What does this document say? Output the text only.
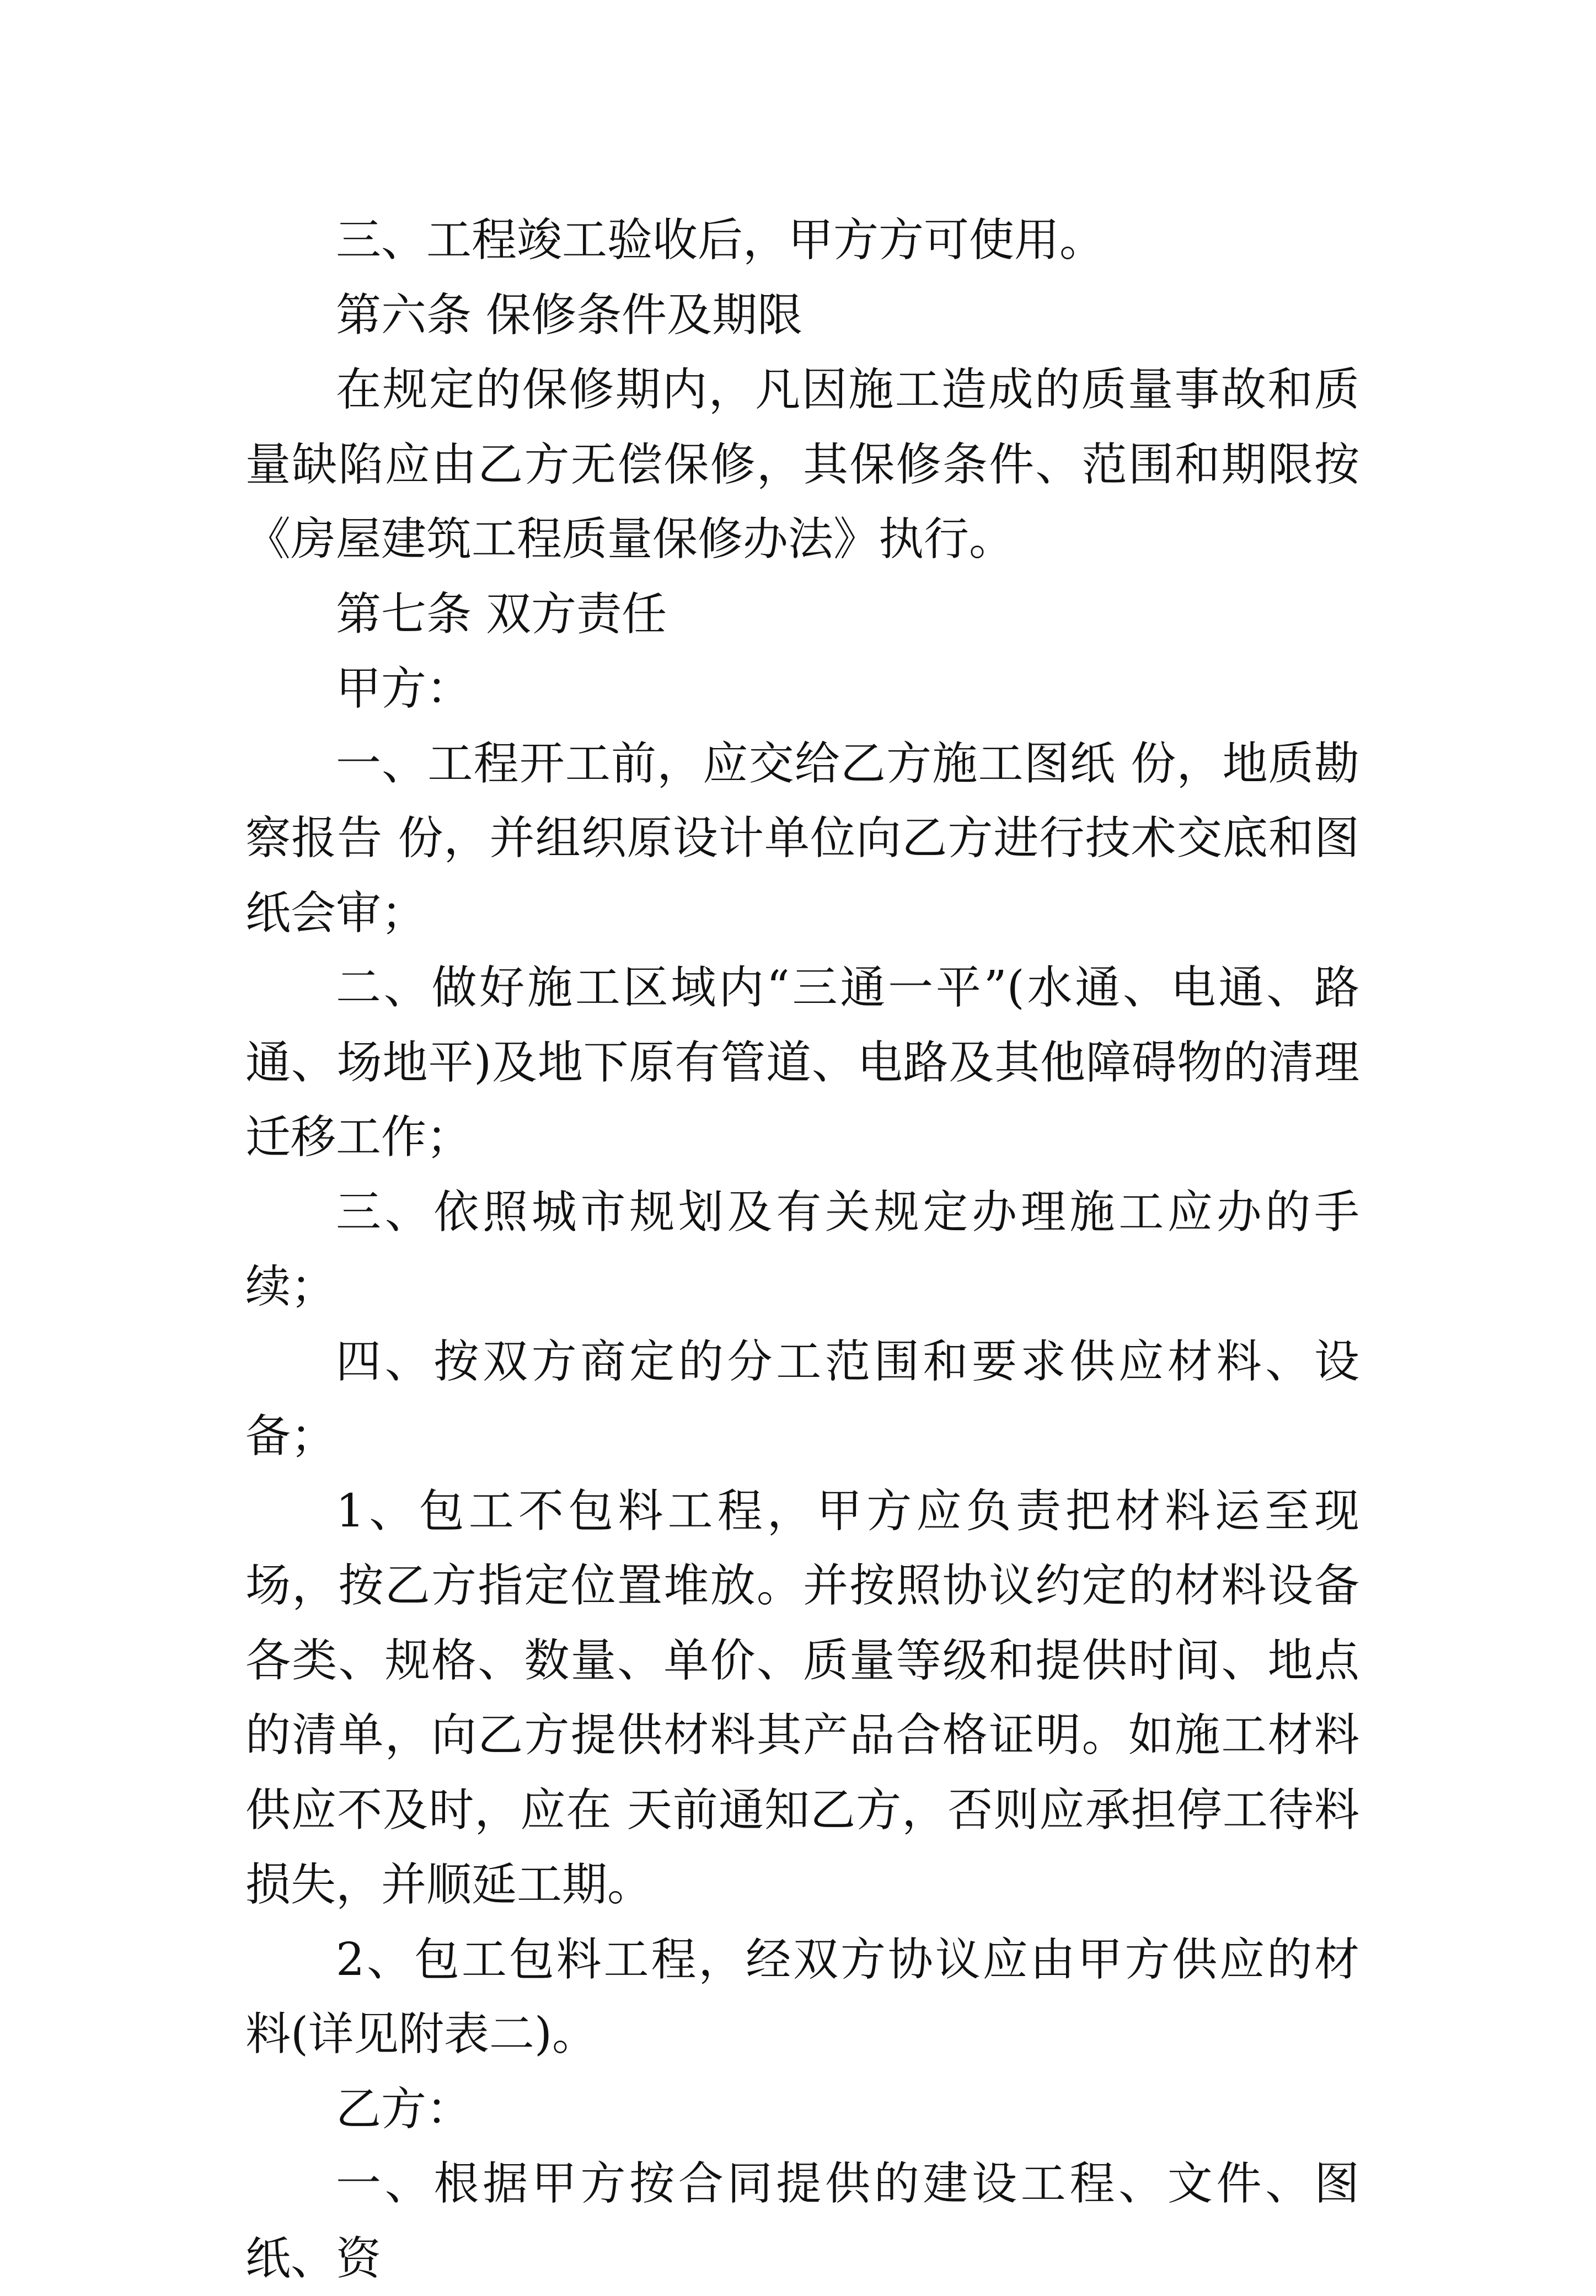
三、工程竣工验收后，甲方方可使用。

第六条 保修条件及期限

在规定的保修期内，凡因施工造成的质量事故和质量缺陷应由乙方无偿保修，其保修条件、范围和期限按《房屋建筑工程质量保修办法》执行。

第七条 双方责任

甲方：

一、工程开工前，应交给乙方施工图纸 份，地质勘察报告 份，并组织原设计单位向乙方进行技术交底和图纸会审；

二、做好施工区域内“三通一平”(水通、电通、路通、场地平)及地下原有管道、电路及其他障碍物的清理迁移工作；

三、依照城市规划及有关规定办理施工应办的手续；

四、按双方商定的分工范围和要求供应材料、设备；

1、包工不包料工程，甲方应负责把材料运至现场，按乙方指定位置堆放。并按照协议约定的材料设备各类、规格、数量、单价、质量等级和提供时间、地点的清单，向乙方提供材料其产品合格证明。如施工材料供应不及时，应在 天前通知乙方，否则应承担停工待料损失，并顺延工期。

2、包工包料工程，经双方协议应由甲方供应的材料(详见附表二)。

乙方：

一、根据甲方按合同提供的建设工程、文件、图纸、资
